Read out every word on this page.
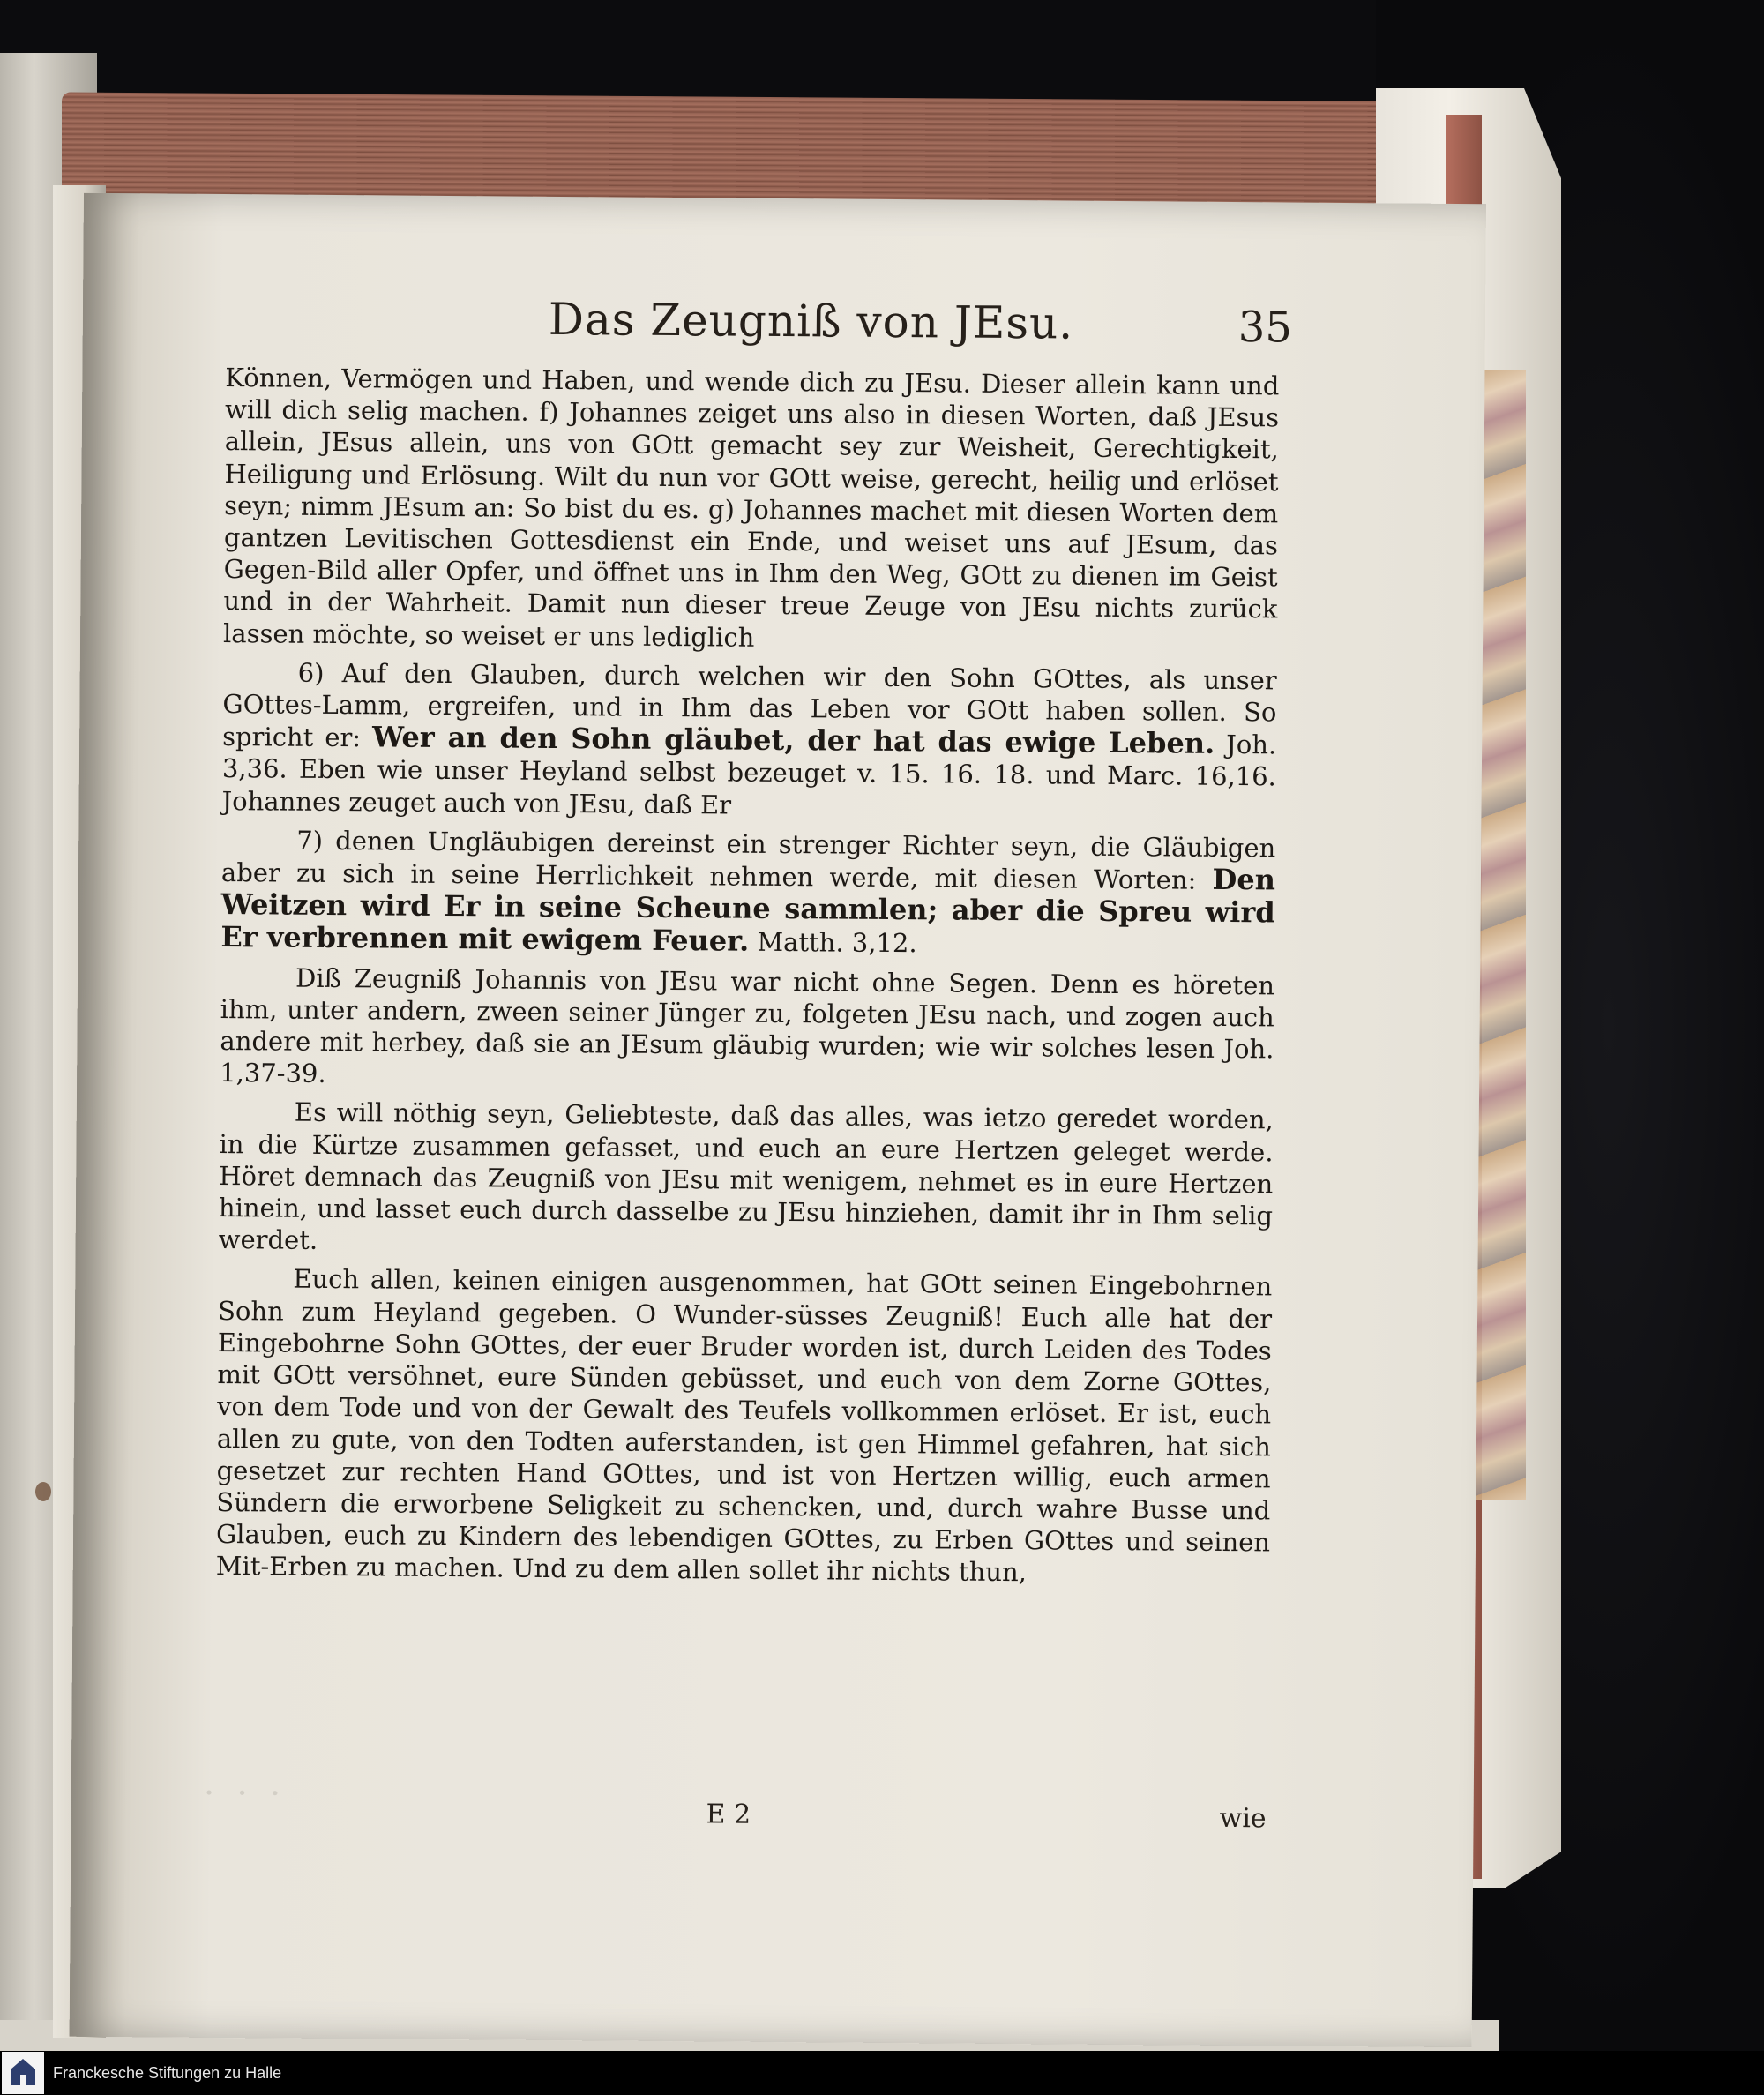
Das Zeugniß von JEsu.	35

Können, Vermögen und Haben, und wende dich zu JEsu. Dieser allein kann und will dich selig machen. f) Johannes zeiget uns also in diesen Worten, daß JEsus allein, JEsus allein, uns von GOtt gemacht sey zur Weisheit, Gerechtigkeit, Heiligung und Erlösung. Wilt du nun vor GOtt weise, gerecht, heilig und erlöset seyn; nimm JEsum an: So bist du es. g) Johannes machet mit diesen Worten dem gantzen Levitischen Gottesdienst ein Ende, und weiset uns auf JEsum, das Gegen-Bild aller Opfer, und öffnet uns in Ihm den Weg, GOtt zu dienen im Geist und in der Wahrheit. Damit nun dieser treue Zeuge von JEsu nichts zurück lassen möchte, so weiset er uns lediglich

6) Auf den Glauben, durch welchen wir den Sohn GOttes, als unser GOttes-Lamm, ergreifen, und in Ihm das Leben vor GOtt haben sollen. So spricht er: Wer an den Sohn gläubet, der hat das ewige Leben. Joh. 3,36. Eben wie unser Heyland selbst bezeuget v. 15. 16. 18. und Marc. 16,16. Johannes zeuget auch von JEsu, daß Er

7) denen Ungläubigen dereinst ein strenger Richter seyn, die Gläubigen aber zu sich in seine Herrlichkeit nehmen werde, mit diesen Worten: Den Weitzen wird Er in seine Scheune sammlen; aber die Spreu wird Er verbrennen mit ewigem Feuer. Matth. 3,12.

Diß Zeugniß Johannis von JEsu war nicht ohne Segen. Denn es höreten ihm, unter andern, zween seiner Jünger zu, folgeten JEsu nach, und zogen auch andere mit herbey, daß sie an JEsum gläubig wurden; wie wir solches lesen Joh. 1,37-39.

Es will nöthig seyn, Geliebteste, daß das alles, was ietzo geredet worden, in die Kürtze zusammen gefasset, und euch an eure Hertzen geleget werde. Höret demnach das Zeugniß von JEsu mit wenigem, nehmet es in eure Hertzen hinein, und lasset euch durch dasselbe zu JEsu hinziehen, damit ihr in Ihm selig werdet.

Euch allen, keinen einigen ausgenommen, hat GOtt seinen Eingebohrnen Sohn zum Heyland gegeben. O Wunder-süsses Zeugniß! Euch alle hat der Eingebohrne Sohn GOttes, der euer Bruder worden ist, durch Leiden des Todes mit GOtt versöhnet, eure Sünden gebüsset, und euch von dem Zorne GOttes, von dem Tode und von der Gewalt des Teufels vollkommen erlöset. Er ist, euch allen zu gute, von den Todten auferstanden, ist gen Himmel gefahren, hat sich gesetzet zur rechten Hand GOttes, und ist von Hertzen willig, euch armen Sündern die erworbene Seligkeit zu schencken, und, durch wahre Busse und Glauben, euch zu Kindern des lebendigen GOttes, zu Erben GOttes und seinen Mit-Erben zu machen. Und zu dem allen sollet ihr nichts thun,

· · ·
E 2	wie
Franckesche Stiftungen zu Halle
